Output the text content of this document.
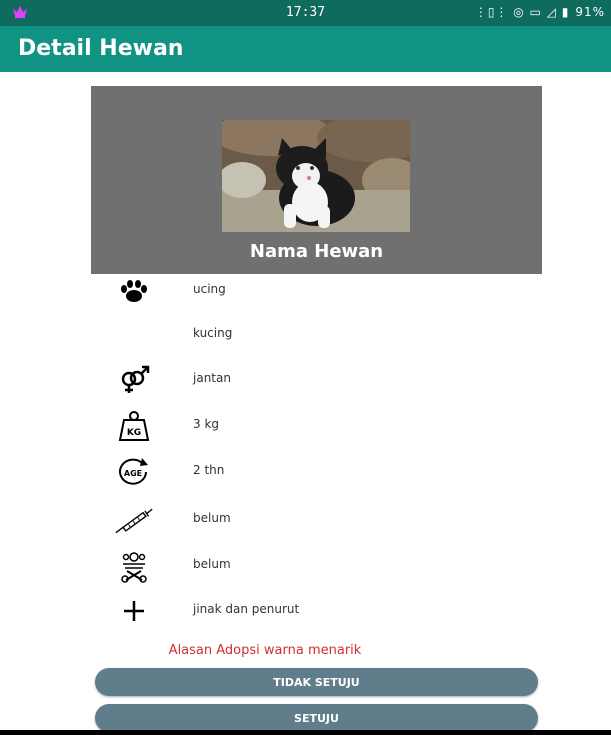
17:37	⋮▯⋮ ◎ ▭ ◿ ▮ 91%
Detail Hewan
Nama Hewan
ucing
kucing
jantan
KG
3 kg
AGE	2 thn
belum
belum
jinak dan penurut
Alasan Adopsi warna menarik
TIDAK SETUJU
SETUJU
